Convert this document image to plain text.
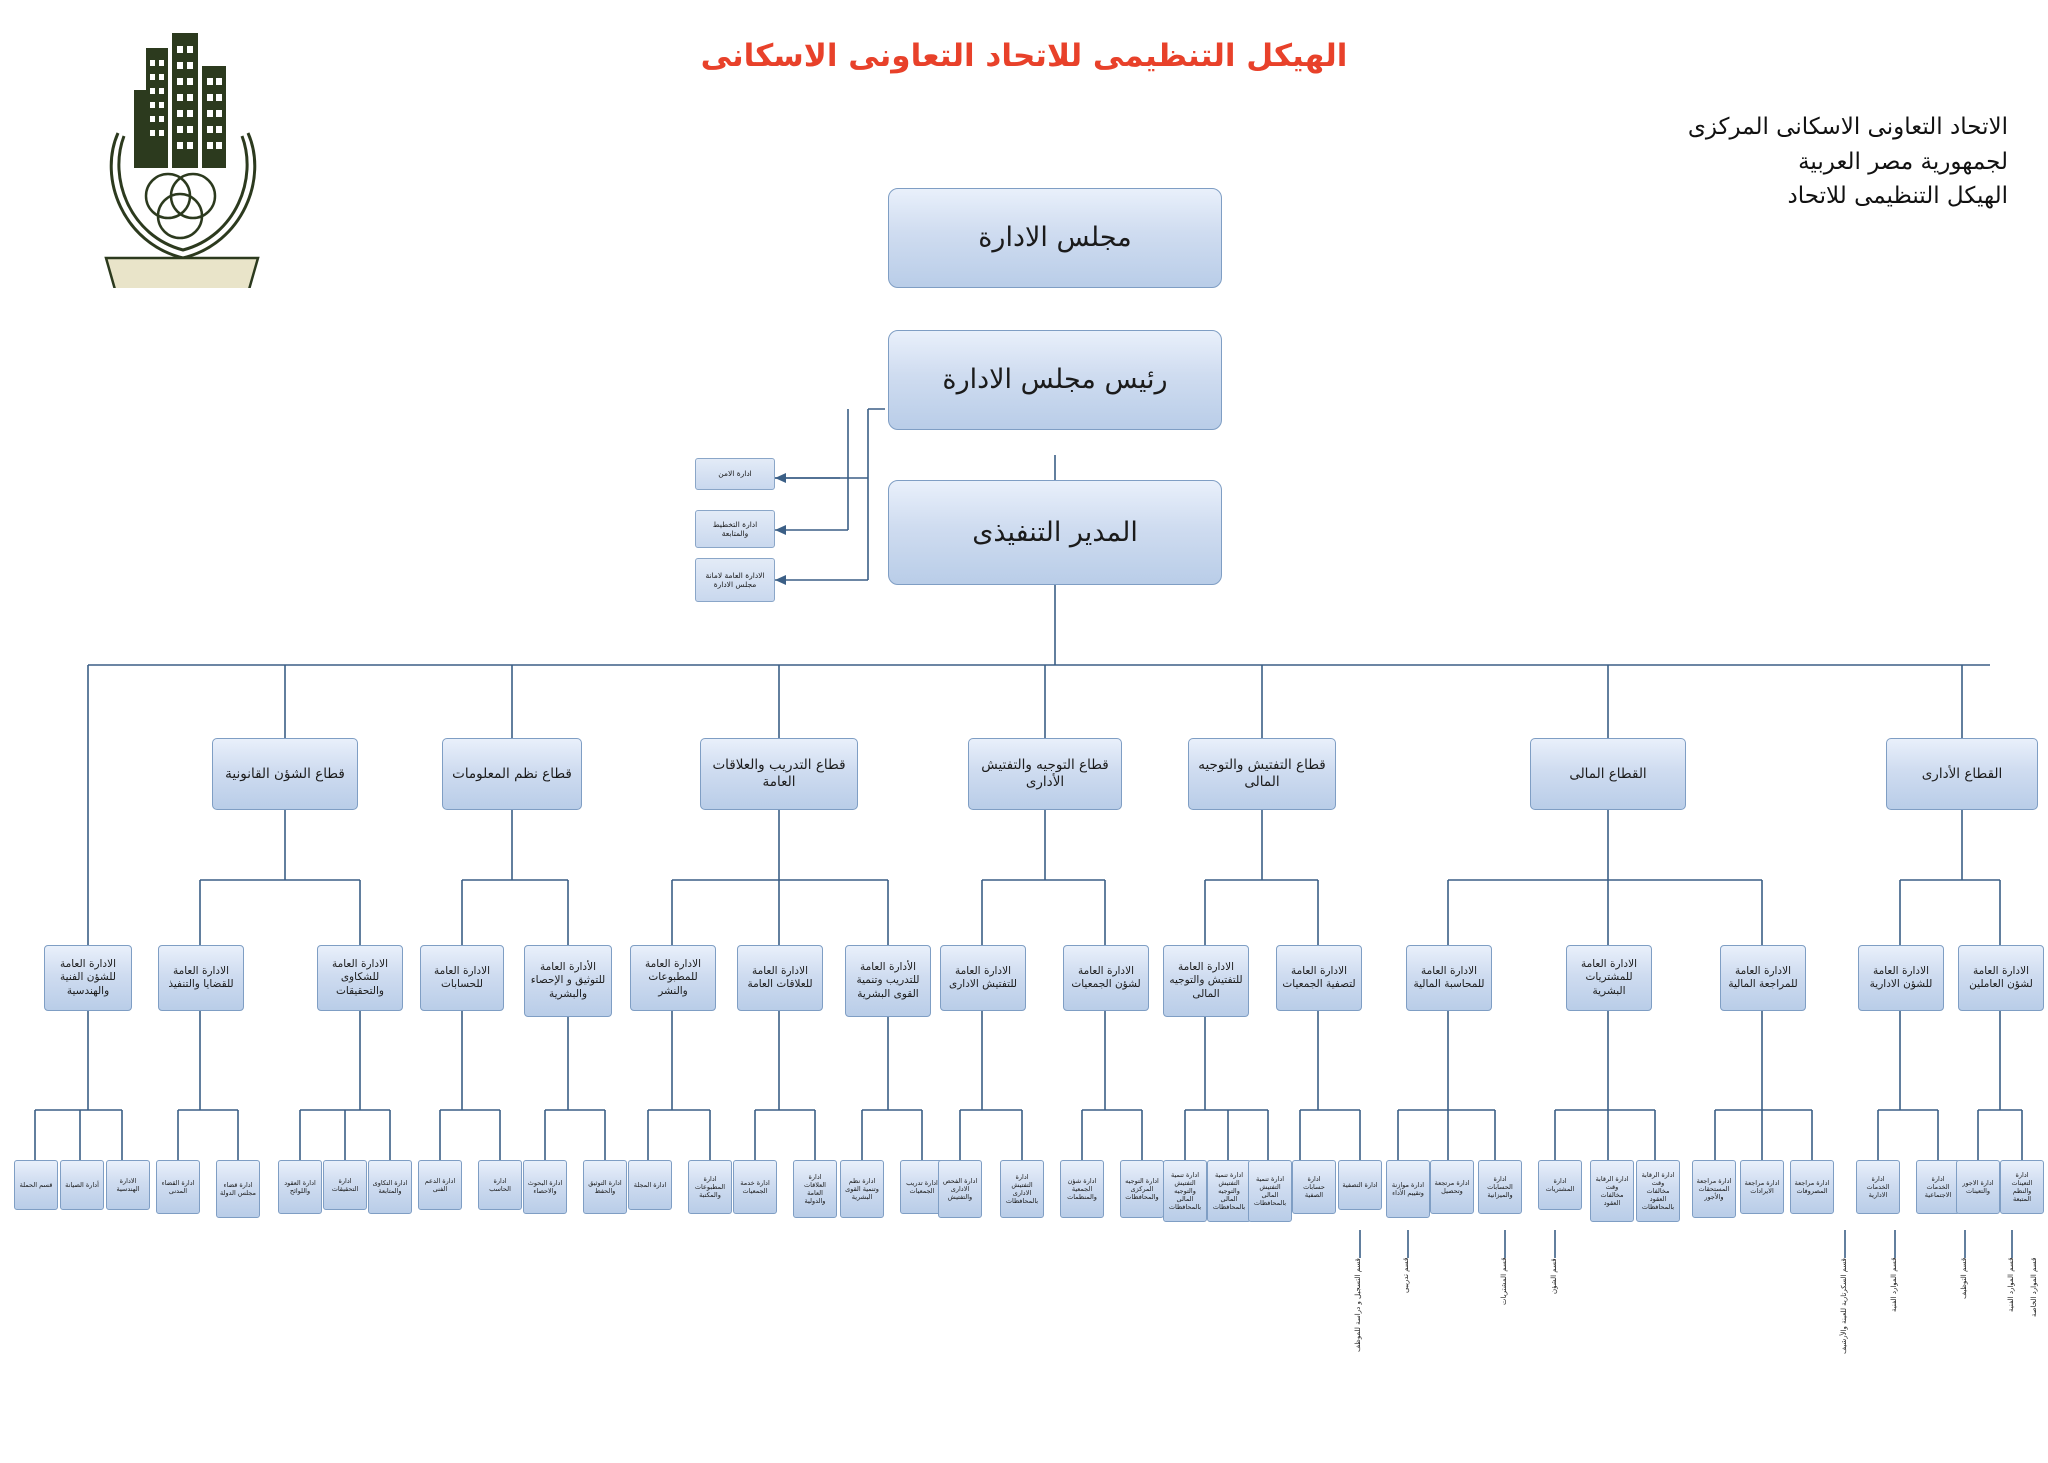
الهيكل التنظيمى للاتحاد التعاونى الاسكانى
الاتحاد التعاونى الاسكانى المركزى
لجمهورية مصر العربية
الهيكل التنظيمى للاتحاد
مجلس الادارة
رئيس مجلس الادارة
المدير التنفيذى
ادارة الامن
ادارة التخطيط والمتابعة
الادارة العامة لامانة مجلس الادارة
قطاع الشؤن القانونية	قطاع نظم المعلومات
قطاع التدريب والعلاقات العامة
قطاع التوجيه والتفتيش الأدارى
قطاع التفتيش والتوجيه المالى
القطاع المالى	القطاع الأدارى
الادارة العامة للشؤن الفنية والهندسية
الادارة العامة للقضايا والتنفيذ
الادارة العامة للشكاوى والتحقيقات
الادارة العامة للحسابات
الأدارة العامة للتوثيق و الإحصاء والبشرية
الادارة العامة للمطبوعات والنشر
الادارة العامة للعلاقات العامة
الأدارة العامة للتدريب وتنمية القوى البشرية
الادارة العامة للتفتيش الادارى
الادارة العامة لشؤن الجمعيات
الادارة العامة للتفتيش والتوجيه المالى
الادارة العامة لتصفية الجمعيات
الادارة العامة للمحاسبة المالية
الادارة العامة للمشتريات البشرية
الادارة العامة للمراجعة المالية
الادارة العامة للشؤن الادارية
الادارة العامة لشؤن العاملين
قسم الحملة	أدارة الصيانة
الادارة الهندسية
ادارة القضاء المدنى
ادارة قضاء مجلس الدولة
ادارة العقود واللوائح
ادارة التحقيقات
ادارة التكاوى والمتابعة
ادارة الدعم الفنى
ادارة الحاسب
ادارة البحوث والاحصاء
ادارة التوثيق والحفظ
ادارة المجلة
ادارة المطبوعات والمكتبة
ادارة خدمة الجمعيات
ادارة العلاقات العامة والدولية
ادارة نظم وتنمية القوى البشرية
ادارة تدريب الجمعيات
ادارة الفحص الادارى والتفتيش
ادارة التفتيش الادارى بالمحافظات
ادارة شؤن الجمعية والمنظمات
ادارة التوجيه المركزى والمحافظات
ادارة تنمية التفتيش والتوجيه المالى بالمحافظات
ادارة تنمية التفتيش والتوجيه المالى بالمحافظات
ادارة تنمية التفتيش المالى بالمحافظات
ادارة حسابات الصفية
ادارة التصفية	ادارة موازنة وتقييم الأداء
ادارة مرتجعة وتحصيل
ادارة الحسابات والميزانية
ادارة المشتريات
ادارة الرقابة وقت مخالفات العقود
ادارة الرقابة وقت مخالفات العقود بالمحافظات
ادارة مراجعة المستحقات والأجور
ادارة مراجعة الايرادات
ادارة مراجعة المصروفات
ادارة الخدمات الادارية
ادارة الخدمات الاجتماعية
ادارة الاجور والتعينات
ادارة التعينات والنظم المتبعة
قسم تدريبى
قسم التسجيل و دراسة للموظف	قسم الشؤن
قسم المشتريات	قسم الموارد الفنية
قسم السكرتارية للعينة والأرشيف	قسم الموارد الفنية
قسم التوظيف	قسم الموارد الخاصة
